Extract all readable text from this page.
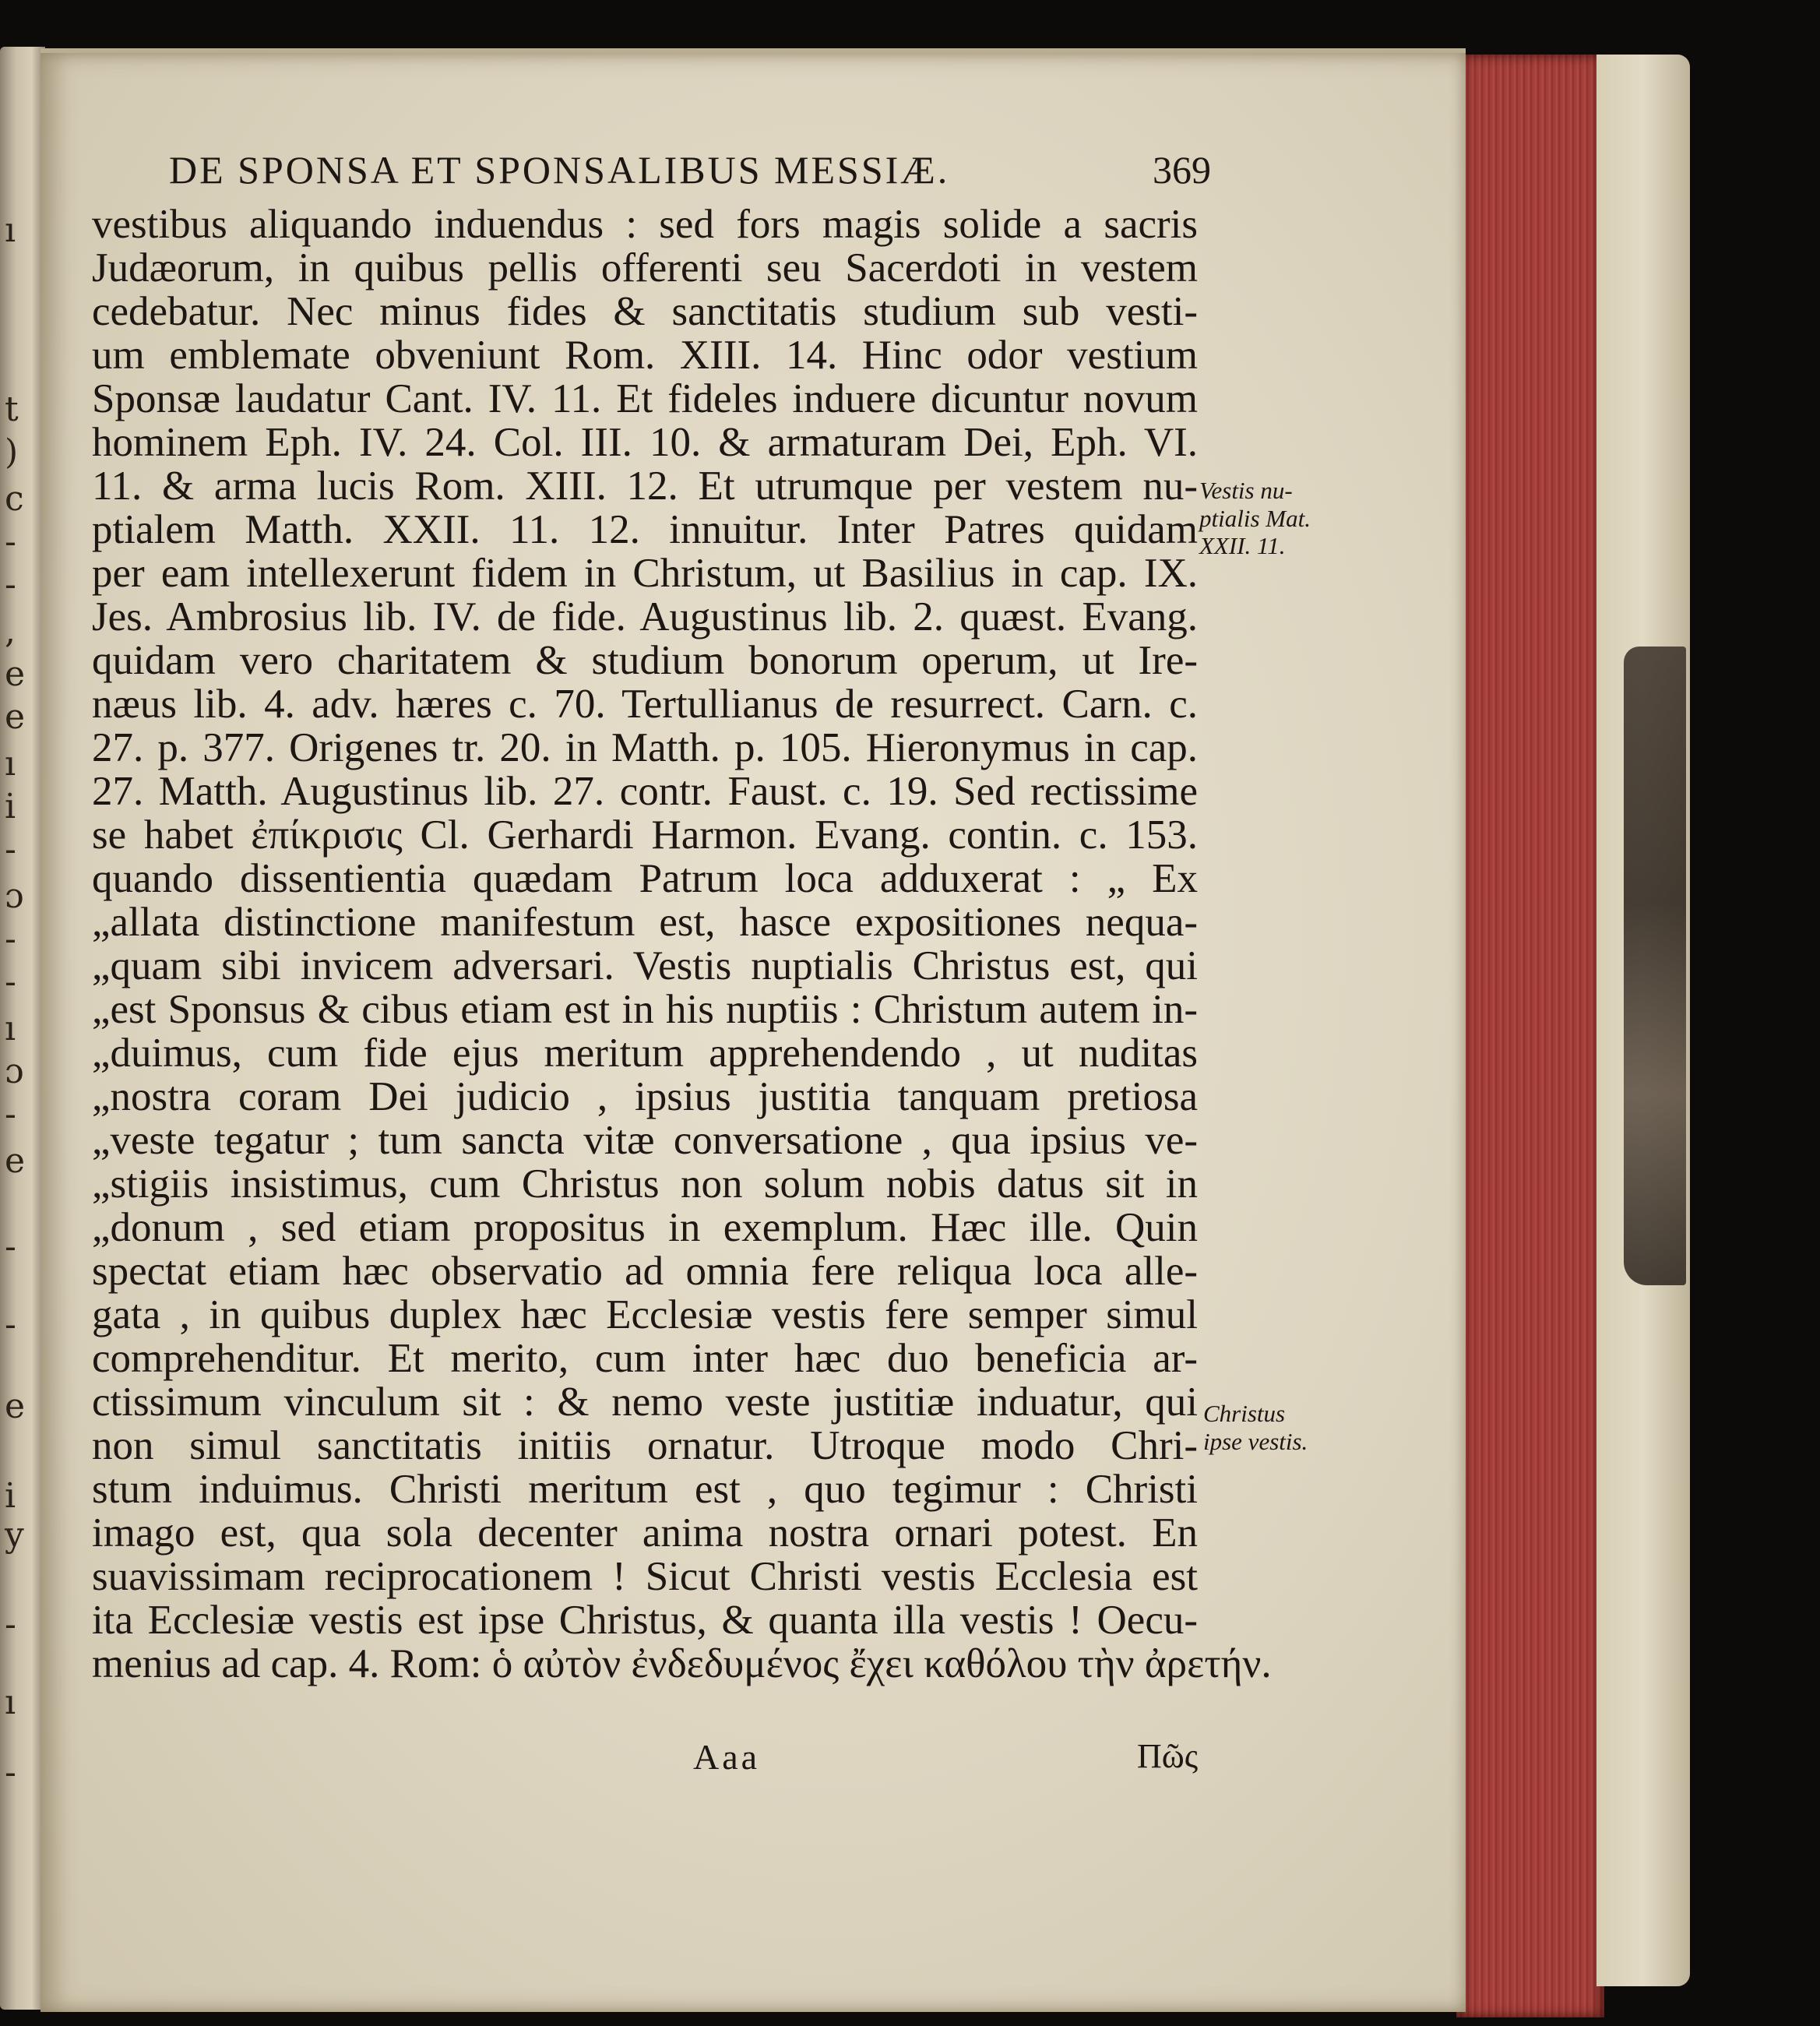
ı
t
)
c
-
-
,
e
e
ı
i
-
ɔ
-
-
ı
ɔ
-
e
-
-
e
i
y
-
ı
-
DE SPONSA ET SPONSALIBUS MESSIÆ.	369
vestibus aliquando induendus : sed fors magis solide a sacris
Judæorum, in quibus pellis offerenti seu Sacerdoti in vestem
cedebatur. Nec minus fides & sanctitatis studium sub vesti-
um emblemate obveniunt Rom. XIII. 14. Hinc odor vestium
Sponsæ laudatur Cant. IV. 11. Et fideles induere dicuntur novum
hominem Eph. IV. 24. Col. III. 10. & armaturam Dei, Eph. VI.
11. & arma lucis Rom. XIII. 12. Et utrumque per vestem nu-
ptialem Matth. XXII. 11. 12. innuitur. Inter Patres quidam
per eam intellexerunt fidem in Christum, ut Basilius in cap. IX.
Jes. Ambrosius lib. IV. de fide. Augustinus lib. 2. quæst. Evang.
quidam vero charitatem & studium bonorum operum, ut Ire-
næus lib. 4. adv. hæres c. 70. Tertullianus de resurrect. Carn. c.
27. p. 377. Origenes tr. 20. in Matth. p. 105. Hieronymus in cap.
27. Matth. Augustinus lib. 27. contr. Faust. c. 19. Sed rectissime
se habet ἐπίκρισις Cl. Gerhardi Harmon. Evang. contin. c. 153.
quando dissentientia quædam Patrum loca adduxerat : „ Ex
„allata distinctione manifestum est, hasce expositiones nequa-
„quam sibi invicem adversari. Vestis nuptialis Christus est, qui
„est Sponsus & cibus etiam est in his nuptiis : Christum autem in-
„duimus, cum fide ejus meritum apprehendendo , ut nuditas
„nostra coram Dei judicio , ipsius justitia tanquam pretiosa
„veste tegatur ; tum sancta vitæ conversatione , qua ipsius ve-
„stigiis insistimus, cum Christus non solum nobis datus sit in
„donum , sed etiam propositus in exemplum. Hæc ille. Quin
spectat etiam hæc observatio ad omnia fere reliqua loca alle-
gata , in quibus duplex hæc Ecclesiæ vestis fere semper simul
comprehenditur. Et merito, cum inter hæc duo beneficia ar-
ctissimum vinculum sit : & nemo veste justitiæ induatur, qui
non simul sanctitatis initiis ornatur. Utroque modo Chri-
stum induimus. Christi meritum est , quo tegimur : Christi
imago est, qua sola decenter anima nostra ornari potest. En
suavissimam reciprocationem ! Sicut Christi vestis Ecclesia est
ita Ecclesiæ vestis est ipse Christus, & quanta illa vestis ! Oecu-
menius ad cap. 4. Rom: ὁ αὐτὸν ἐνδεδυμένος ἔχει καθόλου τὴν ἀρετήν.
Vestis nu-
ptialis Mat.
XXII. 11.
Christus
ipse vestis.
Aaa	Πῶς
